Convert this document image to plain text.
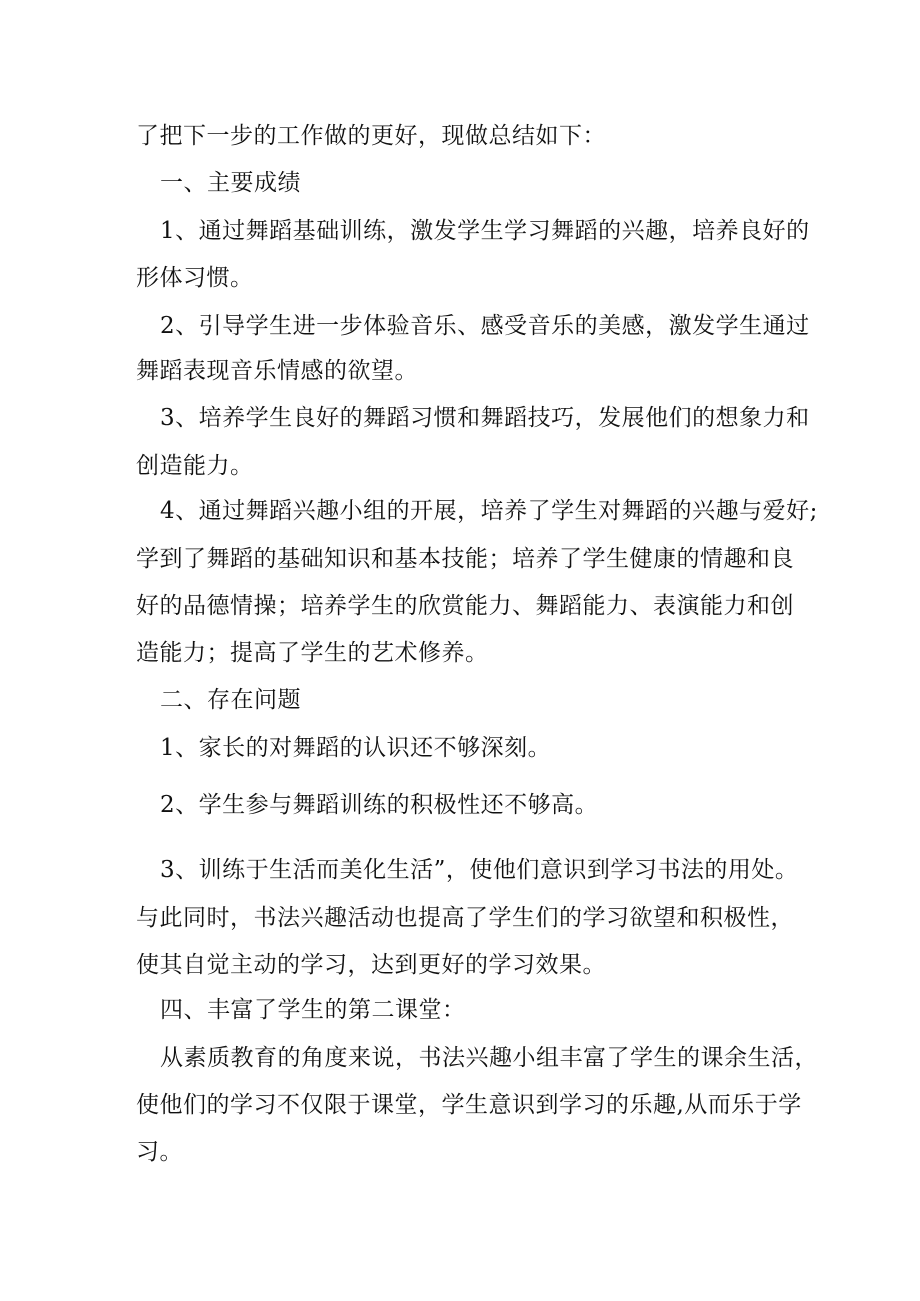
了把下一步的工作做的更好，现做总结如下：
一、主要成绩
1、通过舞蹈基础训练，激发学生学习舞蹈的兴趣，培养良好的
形体习惯。
2、引导学生进一步体验音乐、感受音乐的美感，激发学生通过
舞蹈表现音乐情感的欲望。
3、培养学生良好的舞蹈习惯和舞蹈技巧，发展他们的想象力和
创造能力。
4、通过舞蹈兴趣小组的开展，培养了学生对舞蹈的兴趣与爱好;
学到了舞蹈的基础知识和基本技能；培养了学生健康的情趣和良
好的品德情操；培养学生的欣赏能力、舞蹈能力、表演能力和创
造能力；提高了学生的艺术修养。
二、存在问题
1、家长的对舞蹈的认识还不够深刻。
2、学生参与舞蹈训练的积极性还不够高。
3、训练于生活而美化生活”，使他们意识到学习书法的用处。
与此同时，书法兴趣活动也提高了学生们的学习欲望和积极性，
使其自觉主动的学习，达到更好的学习效果。
四、丰富了学生的第二课堂：
从素质教育的角度来说，书法兴趣小组丰富了学生的课余生活，
使他们的学习不仅限于课堂，学生意识到学习的乐趣,从而乐于学
习。
